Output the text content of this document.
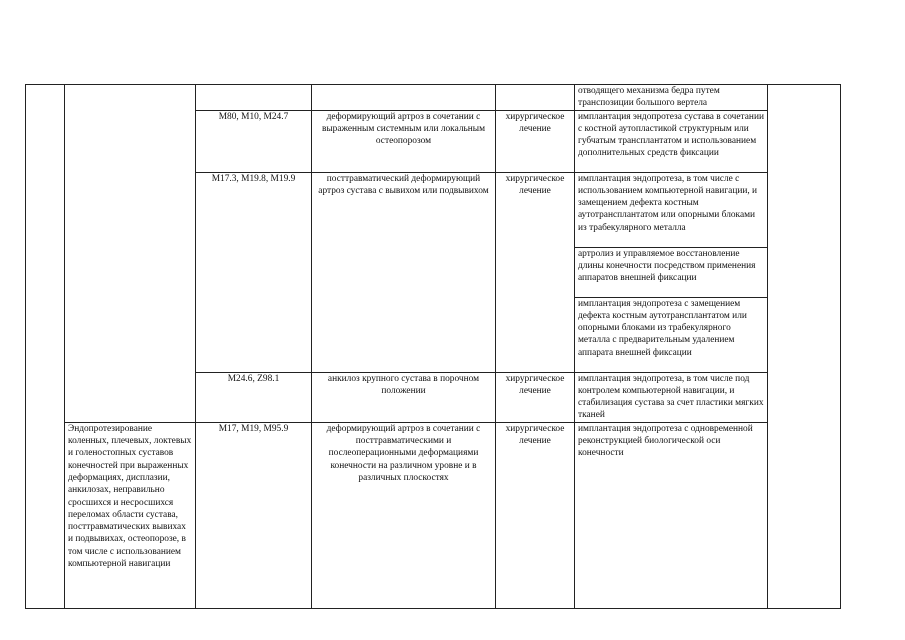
					отводящего механизма бедра путем транспозиции большого вертела	
		M80, M10, M24.7	деформирующий артроз в сочетании с выраженным системным или локальным остеопорозом	хирургическое лечение	имплантация эндопротеза сустава в сочетании с костной аутопластикой структурным или губчатым трансплантатом и использованием дополнительных средств фиксации	
		M17.3, M19.8, M19.9	посттравматический деформирующий артроз сустава с вывихом или подвывихом	хирургическое лечение	имплантация эндопротеза, в том числе с использованием компьютерной навигации, и замещением дефекта костным аутотрансплантатом или опорными блоками из трабекулярного металла	
					артролиз и управляемое восстановление длины конечности посредством применения аппаратов внешней фиксации	
					имплантация эндопротеза с замещением дефекта костным аутотрансплантатом или опорными блоками из трабекулярного металла с предварительным удалением аппарата внешней фиксации	
		M24.6, Z98.1	анкилоз крупного сустава в порочном положении	хирургическое лечение	имплантация эндопротеза, в том числе под контролем компьютерной навигации, и стабилизация сустава за счет пластики мягких тканей	
	Эндопротезирование коленных, плечевых, локтевых и голеностопных суставов конечностей при выраженных деформациях, дисплазии, анкилозах, неправильно сросшихся и несросшихся переломах области сустава, посттравматических вывихах и подвывихах, остеопорозе, в том числе с использованием компьютерной навигации	M17, M19, M95.9	деформирующий артроз в сочетании с посттравматическими и послеоперационными деформациями конечности на различном уровне и в различных плоскостях	хирургическое лечение	имплантация эндопротеза с одновременной реконструкцией биологической оси конечности	
